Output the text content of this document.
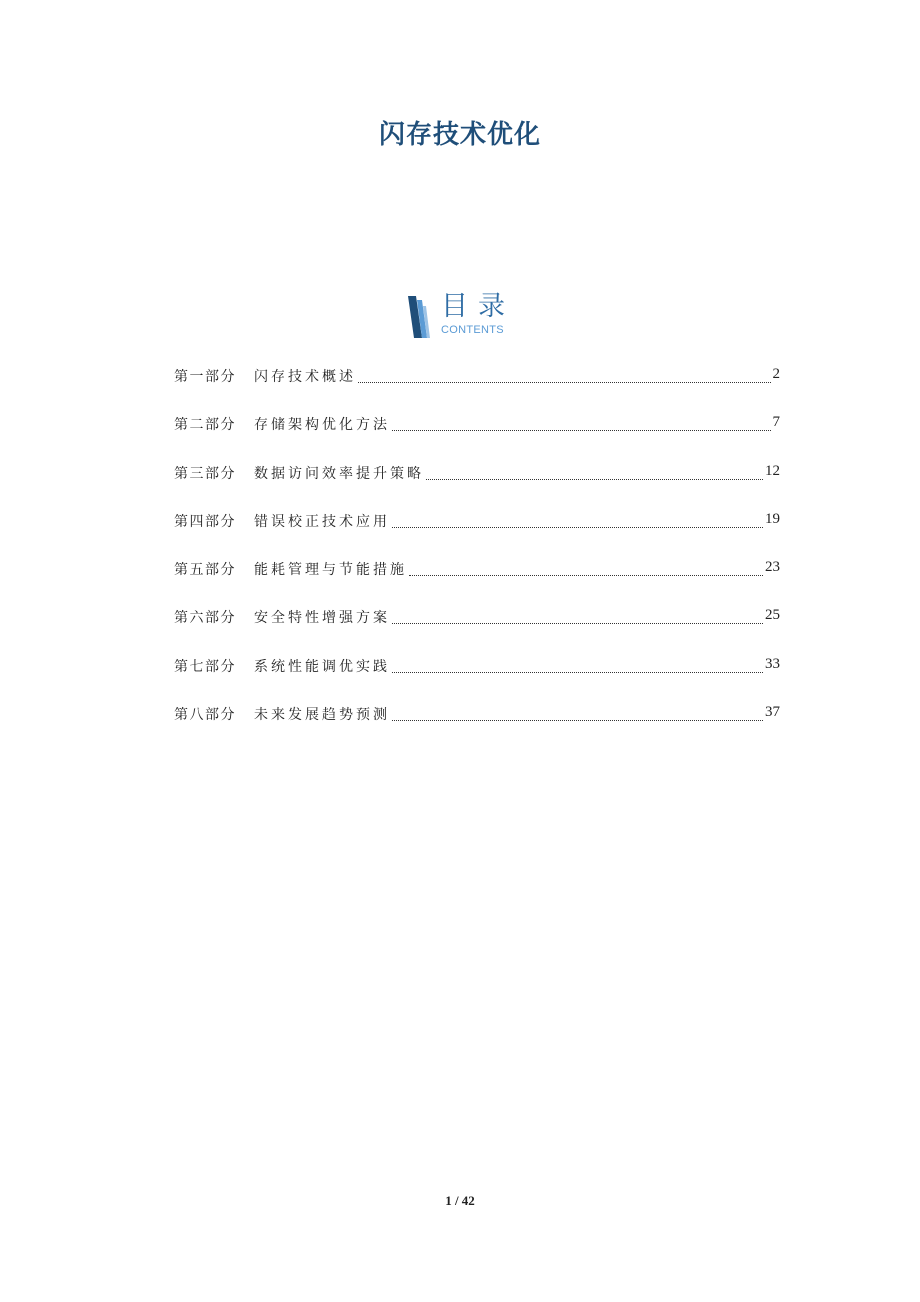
闪存技术优化
目录
CONTENTS
第一部分	闪存技术概述	2
第二部分	存储架构优化方法	7
第三部分	数据访问效率提升策略	12
第四部分	错误校正技术应用	19
第五部分	能耗管理与节能措施	23
第六部分	安全特性增强方案	25
第七部分	系统性能调优实践	33
第八部分	未来发展趋势预测	37
1 / 42
